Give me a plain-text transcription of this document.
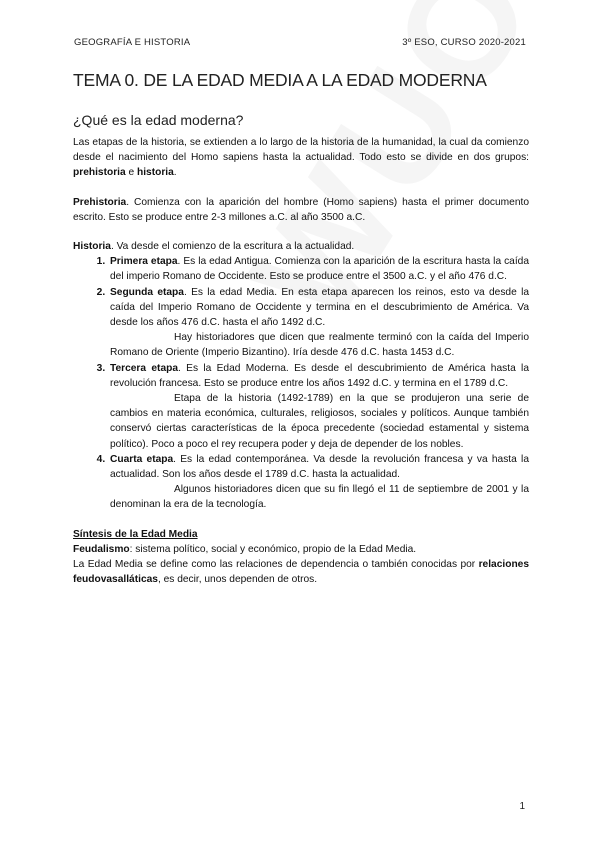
GEOGRAFÍA E HISTORIA	3º ESO, CURSO 2020-2021
TEMA 0. DE LA EDAD MEDIA A LA EDAD MODERNA
¿Qué es la edad moderna?

Las etapas de la historia, se extienden a lo largo de la historia de la humanidad, la cual da comienzo desde el nacimiento del Homo sapiens hasta la actualidad. Todo esto se divide en dos grupos: prehistoria e historia.

Prehistoria. Comienza con la aparición del hombre (Homo sapiens) hasta el primer documento escrito. Esto se produce entre 2-3 millones a.C. al año 3500 a.C.

Historia. Va desde el comienzo de la escritura a la actualidad.

1. Primera etapa. Es la edad Antigua. Comienza con la aparición de la escritura hasta la caída del imperio Romano de Occidente. Esto se produce entre el 3500 a.C. y el año 476 d.C.
2. Segunda etapa. Es la edad Media. En esta etapa aparecen los reinos, esto va desde la caída del Imperio Romano de Occidente y termina en el descubrimiento de América. Va desde los años 476 d.C. hasta el año 1492 d.C.
Hay historiadores que dicen que realmente terminó con la caída del Imperio Romano de Oriente (Imperio Bizantino). Iría desde 476 d.C. hasta 1453 d.C.
3. Tercera etapa. Es la Edad Moderna. Es desde el descubrimiento de América hasta la revolución francesa. Esto se produce entre los años 1492 d.C. y termina en el 1789 d.C.
Etapa de la historia (1492-1789) en la que se produjeron una serie de cambios en materia económica, culturales, religiosos, sociales y políticos. Aunque también conservó ciertas características de la época precedente (sociedad estamental y sistema político). Poco a poco el rey recupera poder y deja de depender de los nobles.
4. Cuarta etapa. Es la edad contemporánea. Va desde la revolución francesa y va hasta la actualidad. Son los años desde el 1789 d.C. hasta la actualidad.
Algunos historiadores dicen que su fin llegó el 11 de septiembre de 2001 y la denominan la era de la tecnología.
Síntesis de la Edad Media

Feudalismo: sistema político, social y económico, propio de la Edad Media.

La Edad Media se define como las relaciones de dependencia o también conocidas por relaciones feudovasalláticas, es decir, unos dependen de otros.

1
